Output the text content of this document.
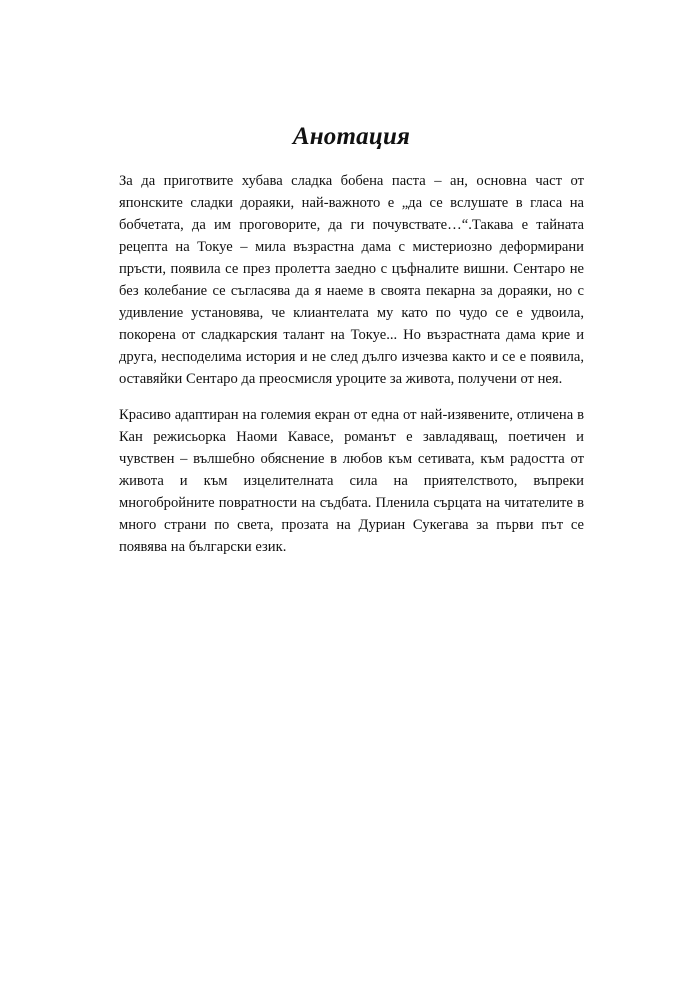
Анотация

За да приготвите хубава сладка бобена паста – ан, основна част от японските сладки дораяки, най-важното е „да се вслушате в гласа на бобчетата, да им проговорите, да ги почувствате…“.Такава е тайната рецепта на Токуе – мила възрастна дама с мистериозно деформирани пръсти, появила се през пролетта заедно с цъфналите вишни. Сентаро не без колебание се съгласява да я наеме в своята пекарна за дораяки, но с удивление установява, че клиантелата му като по чудо се е удвоила, покорена от сладкарския талант на Токуе... Но възрастната дама крие и друга, несподелима история и не след дълго изчезва както и се е появила, оставяйки Сентаро да преосмисля уроците за живота, получени от нея.

Красиво адаптиран на големия екран от една от най-изявените, отличена в Кан режисьорка Наоми Кавасе, романът е завладяващ, поетичен и чувствен – вълшебно обяснение в любов към сетивата, към радостта от живота и към изцелителната сила на приятелството, въпреки многобройните поврaтности на съдбата. Пленила сърцата на читателите в много страни по света, прозата на Дуриан Сукегава за първи път се появява на български език.
